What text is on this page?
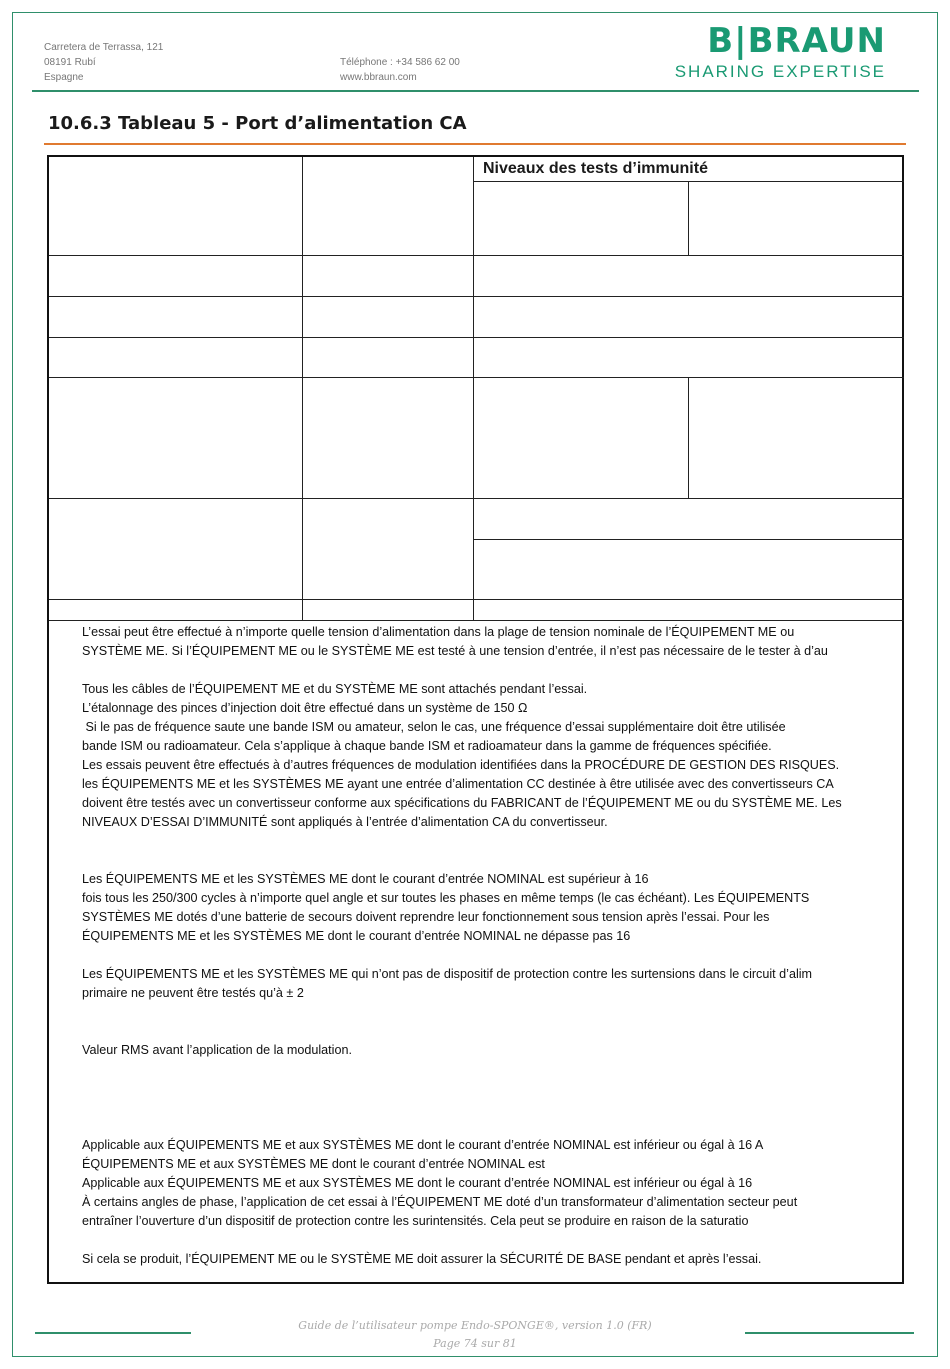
Carretera de Terrassa, 121
08191 Rubí
Espagne
Téléphone : +34 586 62 00
www.bbraun.com
B|BRAUN
SHARING EXPERTISE
10.6.3 Tableau 5 - Port d’alimentation CA
Niveaux des tests d’immunité
L’essai peut être effectué à n’importe quelle tension d’alimentation dans la plage de tension nominale de l’ÉQUIPEMENT ME ou
SYSTÈME ME. Si l’ÉQUIPEMENT ME ou le SYSTÈME ME est testé à une tension d’entrée, il n’est pas nécessaire de le tester à d’au
Tous les câbles de l’ÉQUIPEMENT ME et du SYSTÈME ME sont attachés pendant l’essai.
L’étalonnage des pinces d’injection doit être effectué dans un système de 150 Ω
Si le pas de fréquence saute une bande ISM ou amateur, selon le cas, une fréquence d’essai supplémentaire doit être utilisée
bande ISM ou radioamateur. Cela s’applique à chaque bande ISM et radioamateur dans la gamme de fréquences spécifiée.
Les essais peuvent être effectués à d’autres fréquences de modulation identifiées dans la PROCÉDURE DE GESTION DES RISQUES.
les ÉQUIPEMENTS ME et les SYSTÈMES ME ayant une entrée d’alimentation CC destinée à être utilisée avec des convertisseurs CA
doivent être testés avec un convertisseur conforme aux spécifications du FABRICANT de l’ÉQUIPEMENT ME ou du SYSTÈME ME. Les
NIVEAUX D’ESSAI D’IMMUNITÉ sont appliqués à l’entrée d’alimentation CA du convertisseur.
Les ÉQUIPEMENTS ME et les SYSTÈMES ME dont le courant d’entrée NOMINAL est supérieur à 16
fois tous les 250/300 cycles à n’importe quel angle et sur toutes les phases en même temps (le cas échéant). Les ÉQUIPEMENTS
SYSTÈMES ME dotés d’une batterie de secours doivent reprendre leur fonctionnement sous tension après l’essai. Pour les
ÉQUIPEMENTS ME et les SYSTÈMES ME dont le courant d’entrée NOMINAL ne dépasse pas 16
Les ÉQUIPEMENTS ME et les SYSTÈMES ME qui n’ont pas de dispositif de protection contre les surtensions dans le circuit d’alim
primaire ne peuvent être testés qu’à ± 2
Valeur RMS avant l’application de la modulation.
Applicable aux ÉQUIPEMENTS ME et aux SYSTÈMES ME dont le courant d’entrée NOMINAL est inférieur ou égal à 16 A
ÉQUIPEMENTS ME et aux SYSTÈMES ME dont le courant d’entrée NOMINAL est
Applicable aux ÉQUIPEMENTS ME et aux SYSTÈMES ME dont le courant d’entrée NOMINAL est inférieur ou égal à 16
À certains angles de phase, l’application de cet essai à l’ÉQUIPEMENT ME doté d’un transformateur d’alimentation secteur peut
entraîner l’ouverture d’un dispositif de protection contre les surintensités. Cela peut se produire en raison de la saturatio
Si cela se produit, l’ÉQUIPEMENT ME ou le SYSTÈME ME doit assurer la SÉCURITÉ DE BASE pendant et après l’essai.
Guide de l’utilisateur pompe Endo-SPONGE®, version 1.0 (FR)
Page 74 sur 81
